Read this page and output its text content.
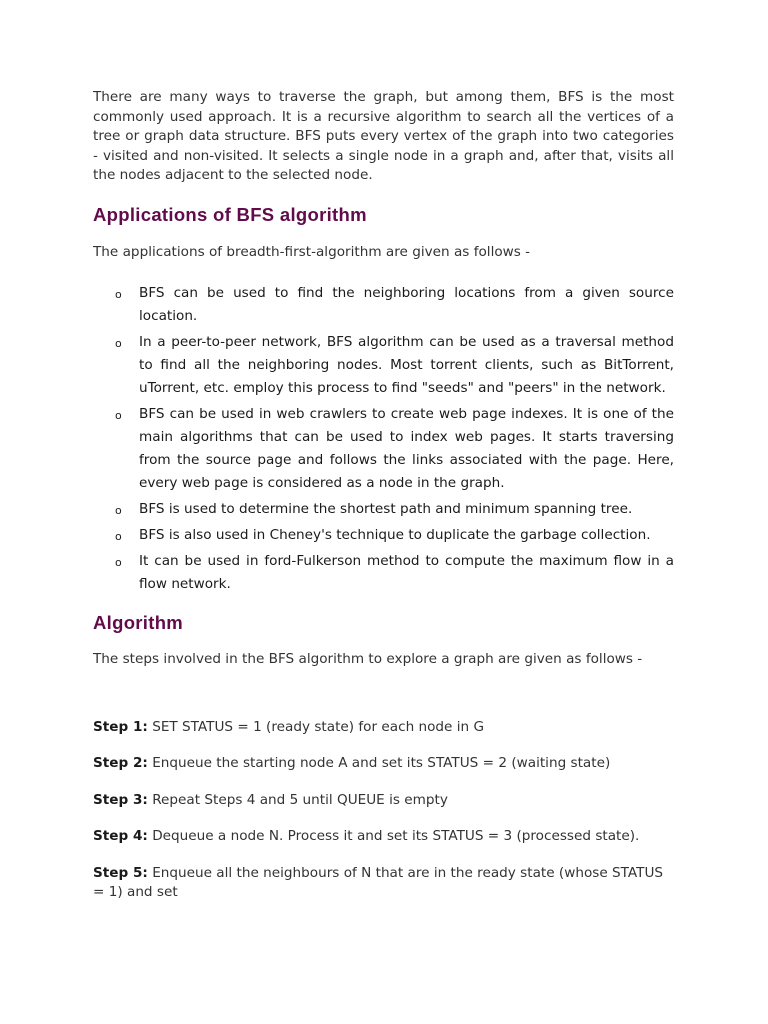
There are many ways to traverse the graph, but among them, BFS is the most commonly used approach. It is a recursive algorithm to search all the vertices of a tree or graph data structure. BFS puts every vertex of the graph into two categories - visited and non-visited. It selects a single node in a graph and, after that, visits all the nodes adjacent to the selected node.

Applications of BFS algorithm

The applications of breadth-first-algorithm are given as follows -

o BFS can be used to find the neighboring locations from a given source location.
o In a peer-to-peer network, BFS algorithm can be used as a traversal method to find all the neighboring nodes. Most torrent clients, such as BitTorrent, uTorrent, etc. employ this process to find "seeds" and "peers" in the network.
o BFS can be used in web crawlers to create web page indexes. It is one of the main algorithms that can be used to index web pages. It starts traversing from the source page and follows the links associated with the page. Here, every web page is considered as a node in the graph.
o BFS is used to determine the shortest path and minimum spanning tree.
o BFS is also used in Cheney's technique to duplicate the garbage collection.
o It can be used in ford-Fulkerson method to compute the maximum flow in a flow network.
Algorithm

The steps involved in the BFS algorithm to explore a graph are given as follows -

Step 1: SET STATUS = 1 (ready state) for each node in G

Step 2: Enqueue the starting node A and set its STATUS = 2 (waiting state)

Step 3: Repeat Steps 4 and 5 until QUEUE is empty

Step 4: Dequeue a node N. Process it and set its STATUS = 3 (processed state).

Step 5: Enqueue all the neighbours of N that are in the ready state (whose STATUS = 1) and set
